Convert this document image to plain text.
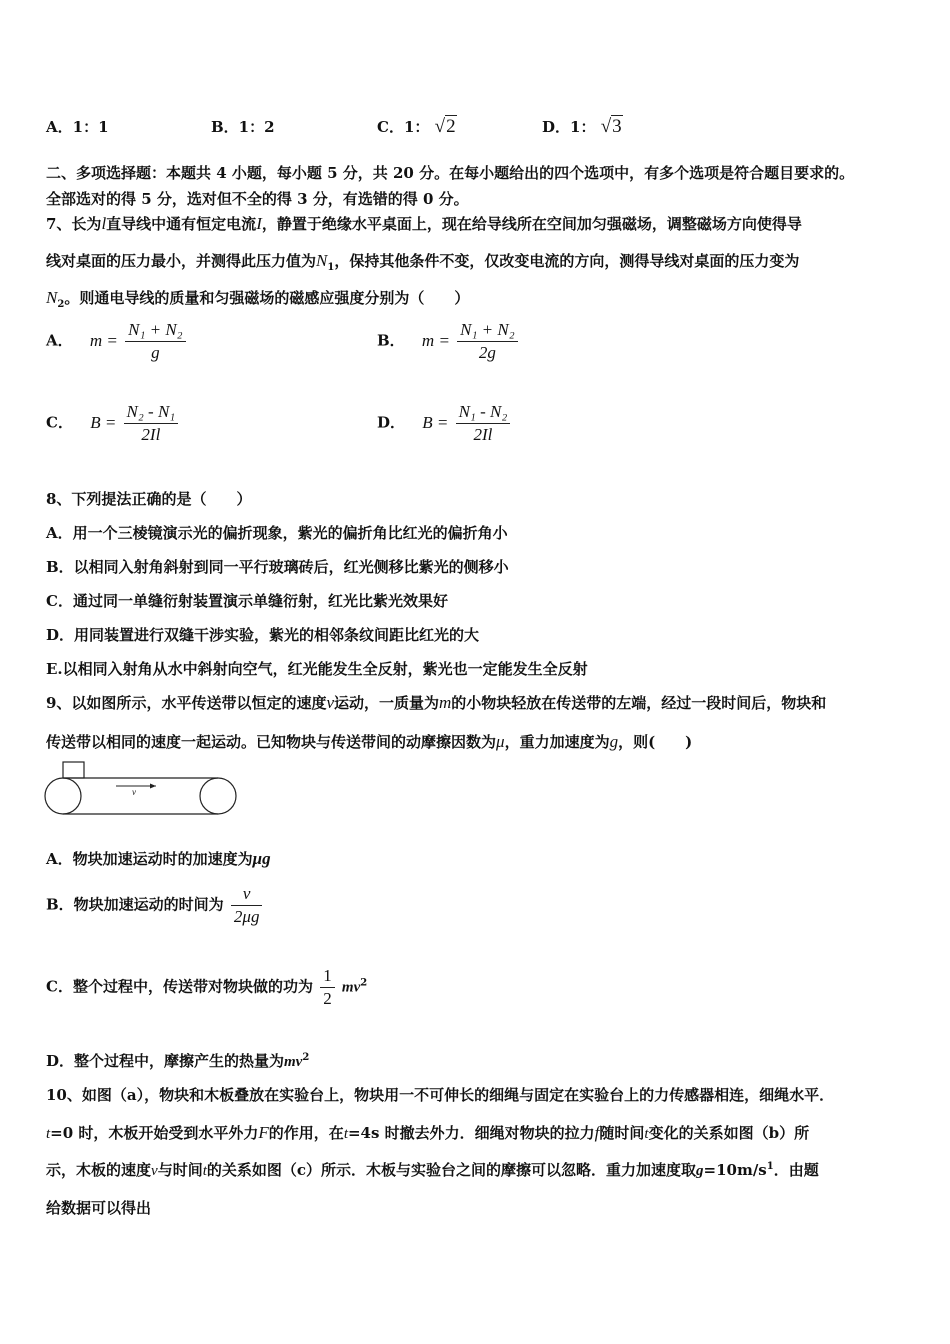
A．1：1	B．1：2	C．1： √2	D．1： √3
二、多项选择题：本题共 4 小题，每小题 5 分，共 20 分。在每小题给出的四个选项中，有多个选项是符合题目要求的。
全部选对的得 5 分，选对但不全的得 3 分，有选错的得 0 分。
7、长为l直导线中通有恒定电流I，静置于绝缘水平桌面上，现在给导线所在空间加匀强磁场，调整磁场方向使得导
线对桌面的压力最小，并测得此压力值为$N_1$，保持其他条件不变，仅改变电流的方向，测得导线对桌面的压力变为
$N_2$。则通电导线的质量和匀强磁场的磁感应强度分别为（　　）
A． $m = \frac{\text{N₁ + N₂}}{g}$	B． $m = \frac{\text{N₁ + N₂}}{2g}$
C． $B = \frac{\text{N₂ - N₁}}{2Il}$	D． $B = \frac{\text{N₁ - N₂}}{2Il}$
8、下列提法正确的是（　　）
A．用一个三棱镜演示光的偏折现象，紫光的偏折角比红光的偏折角小
B．以相同入射角斜射到同一平行玻璃砖后，红光侧移比紫光的侧移小
C．通过同一单缝衍射装置演示单缝衍射，红光比紫光效果好
D．用同装置进行双缝干涉实验，紫光的相邻条纹间距比红光的大
E.以相同入射角从水中斜射向空气，红光能发生全反射，紫光也一定能发生全反射
9、以如图所示，水平传送带以恒定的速度v运动，一质量为m的小物块轻放在传送带的左端，经过一段时间后，物块和
传送带以相同的速度一起运动。已知物块与传送带间的动摩擦因数为μ，重力加速度为g，则(　　)
v
A．物块加速运动时的加速度为μg
B．物块加速运动的时间为 $\frac{v}{2\mu g}$
C．整个过程中，传送带对物块做的功为 $\frac{1}{2} mv^2$
D．整个过程中，摩擦产生的热量为$mv^2$
10、如图（a），物块和木板叠放在实验台上，物块用一不可伸长的细绳与固定在实验台上的力传感器相连，细绳水平．
t=0 时，木板开始受到水平外力F的作用，在t=4s 时撤去外力．细绳对物块的拉力f随时间t变化的关系如图（b）所
示，木板的速度v与时间t的关系如图（c）所示．木板与实验台之间的摩擦可以忽略．重力加速度取$g=10m/s^1$．由题
给数据可以得出
